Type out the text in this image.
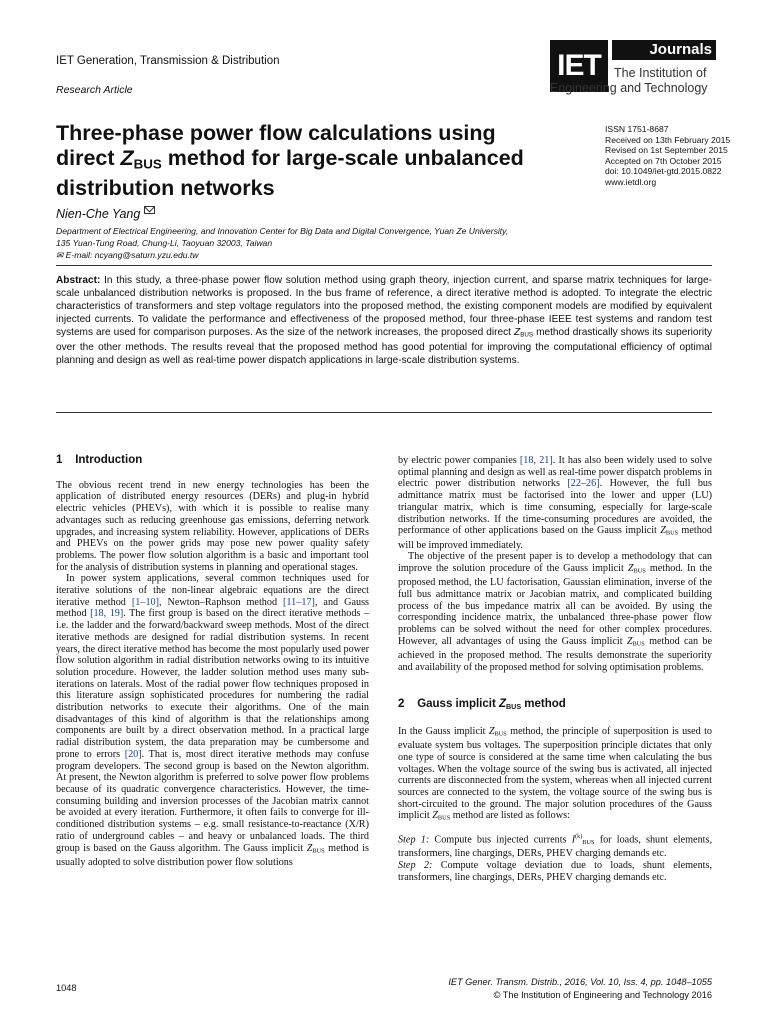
IET Generation, Transmission & Distribution
Research Article
IET	Journals
The Institution of
Engineering and Technology
Three-phase power flow calculations using
direct $Z_{BUS}$ method for large-scale unbalanced
distribution networks
ISSN 1751-8687
Received on 13th February 2015
Revised on 1st September 2015
Accepted on 7th October 2015
doi: 10.1049/iet-gtd.2015.0822
www.ietdl.org
Nien-Che Yang
Department of Electrical Engineering, and Innovation Center for Big Data and Digital Convergence, Yuan Ze University,
135 Yuan-Tung Road, Chung-Li, Taoyuan 32003, Taiwan
✉ E-mail: ncyang@saturn.yzu.edu.tw
Abstract: In this study, a three-phase power flow solution method using graph theory, injection current, and sparse matrix techniques for large-scale unbalanced distribution networks is proposed. In the bus frame of reference, a direct iterative method is adopted. To integrate the electric characteristics of transformers and step voltage regulators into the proposed method, the existing component models are modified by equivalent injected currents. To validate the performance and effectiveness of the proposed method, four three-phase IEEE test systems and random test systems are used for comparison purposes. As the size of the network increases, the proposed direct $Z_{BUS}$ method drastically shows its superiority over the other methods. The results reveal that the proposed method has good potential for improving the computational efficiency of optimal planning and design as well as real-time power dispatch applications in large-scale distribution systems.
1 Introduction

The obvious recent trend in new energy technologies has been the application of distributed energy resources (DERs) and plug-in hybrid electric vehicles (PHEVs), with which it is possible to realise many advantages such as reducing greenhouse gas emissions, deferring network upgrades, and increasing system reliability. However, applications of DERs and PHEVs on the power grids may pose new power quality safety problems. The power flow solution algorithm is a basic and important tool for the analysis of distribution systems in planning and operational stages.

In power system applications, several common techniques used for iterative solutions of the non-linear algebraic equations are the direct iterative method [1–10], Newton–Raphson method [11–17], and Gauss method [18, 19]. The first group is based on the direct iterative methods – i.e. the ladder and the forward/backward sweep methods. Most of the direct iterative methods are designed for radial distribution systems. In recent years, the direct iterative method has become the most popularly used power flow solution algorithm in radial distribution networks owing to its intuitive solution procedure. However, the ladder solution method uses many sub-iterations on laterals. Most of the radial power flow techniques proposed in this literature assign sophisticated procedures for numbering the radial distribution networks to execute their algorithms. One of the main disadvantages of this kind of algorithm is that the relationships among components are built by a direct observation method. In a practical large radial distribution system, the data preparation may be cumbersome and prone to errors [20]. That is, most direct iterative methods may confuse program developers. The second group is based on the Newton algorithm. At present, the Newton algorithm is preferred to solve power flow problems because of its quadratic convergence characteristics. However, the time-consuming building and inversion processes of the Jacobian matrix cannot be avoided at every iteration. Furthermore, it often fails to converge for ill-conditioned distribution systems – e.g. small resistance-to-reactance (X/R) ratio of underground cables – and heavy or unbalanced loads. The third group is based on the Gauss algorithm. The Gauss implicit $Z_{BUS}$ method is usually adopted to solve distribution power flow solutions

by electric power companies [18, 21]. It has also been widely used to solve optimal planning and design as well as real-time power dispatch problems in electric power distribution networks [22–26]. However, the full bus admittance matrix must be factorised into the lower and upper (LU) triangular matrix, which is time consuming, especially for large-scale distribution networks. If the time-consuming procedures are avoided, the performance of other applications based on the Gauss implicit $Z_{BUS}$ method will be improved immediately.

The objective of the present paper is to develop a methodology that can improve the solution procedure of the Gauss implicit $Z_{BUS}$ method. In the proposed method, the LU factorisation, Gaussian elimination, inverse of the full bus admittance matrix or Jacobian matrix, and complicated building process of the bus impedance matrix all can be avoided. By using the corresponding incidence matrix, the unbalanced three-phase power flow problems can be solved without the need for other complex procedures. However, all advantages of using the Gauss implicit $Z_{BUS}$ method can be achieved in the proposed method. The results demonstrate the superiority and availability of the proposed method for solving optimisation problems.

2 Gauss implicit $Z_{BUS}$ method

In the Gauss implicit $Z_{BUS}$ method, the principle of superposition is used to evaluate system bus voltages. The superposition principle dictates that only one type of source is considered at the same time when calculating the bus voltages. When the voltage source of the swing bus is activated, all injected currents are disconnected from the system, whereas when all injected current sources are connected to the system, the voltage source of the swing bus is short-circuited to the ground. The major solution procedures of the Gauss implicit $Z_{BUS}$ method are listed as follows:

Step 1: Compute bus injected currents $I^{(k)}_{BUS}$ for loads, shunt elements, transformers, line chargings, DERs, PHEV charging demands etc.

Step 2: Compute voltage deviation due to loads, shunt elements, transformers, line chargings, DERs, PHEV charging demands etc.

1048
IET Gener. Transm. Distrib., 2016, Vol. 10, Iss. 4, pp. 1048–1055
© The Institution of Engineering and Technology 2016
